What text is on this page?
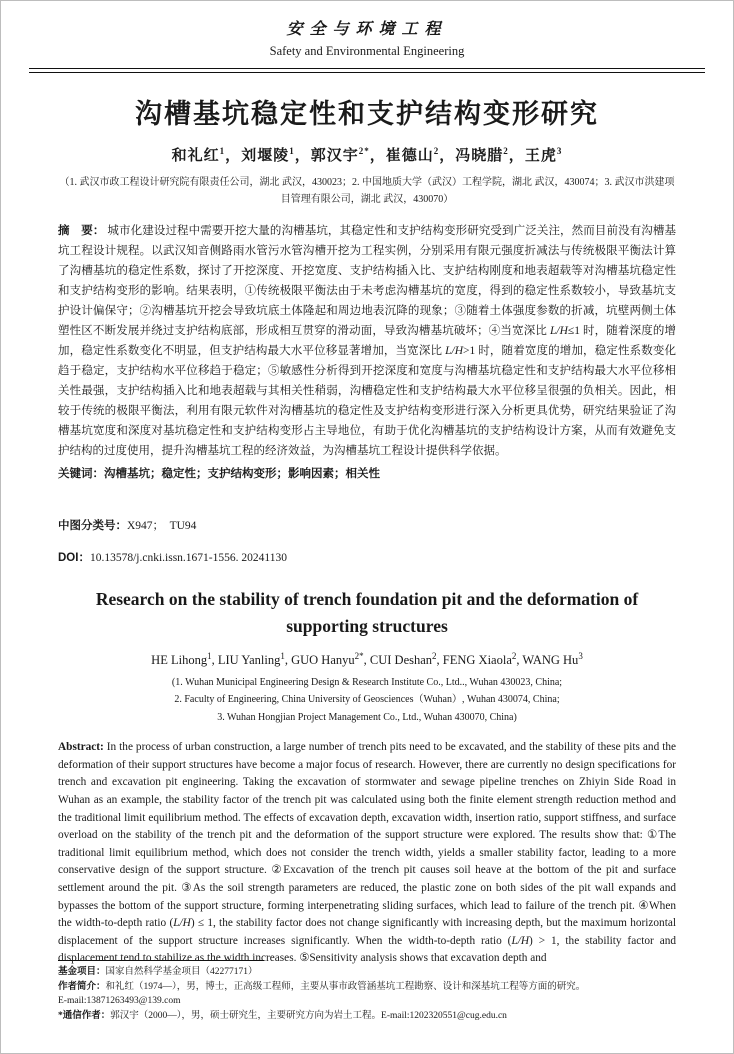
安全与环境工程
Safety and Environmental Engineering
沟槽基坑稳定性和支护结构变形研究
和礼红$^1$，刘堰陵$^1$，郭汉宇$^{2*}$，崔德山$^2$，冯晓腊$^2$，王虎$^3$
（1. 武汉市政工程设计研究院有限责任公司，湖北 武汉，430023；2. 中国地质大学（武汉）工程学院，湖北 武汉，430074；3. 武汉市洪建项目管理有限公司，湖北 武汉，430070）
摘　要： 城市化建设过程中需要开挖大量的沟槽基坑，其稳定性和支护结构变形研究受到广泛关注，然而目前没有沟槽基坑工程设计规程。以武汉知音侧路雨水管污水管沟槽开挖为工程实例，分别采用有限元强度折减法与传统极限平衡法计算了沟槽基坑的稳定性系数，探讨了开挖深度、开挖宽度、支护结构插入比、支护结构刚度和地表超载等对沟槽基坑稳定性和支护结构变形的影响。结果表明，①传统极限平衡法由于未考虑沟槽基坑的宽度，得到的稳定性系数较小，导致基坑支护设计偏保守；②沟槽基坑开挖会导致坑底土体隆起和周边地表沉降的现象；③随着土体强度参数的折减，坑壁两侧土体塑性区不断发展并绕过支护结构底部，形成相互贯穿的滑动面，导致沟槽基坑破坏；④当宽深比 L/H≤1 时，随着深度的增加，稳定性系数变化不明显，但支护结构最大水平位移显著增加，当宽深比 L/H>1 时，随着宽度的增加，稳定性系数变化趋于稳定，支护结构水平位移趋于稳定；⑤敏感性分析得到开挖深度和宽度与沟槽基坑稳定性和支护结构最大水平位移相关性最强，支护结构插入比和地表超载与其相关性稍弱，沟槽稳定性和支护结构最大水平位移呈很强的负相关。因此，相较于传统的极限平衡法，利用有限元软件对沟槽基坑的稳定性及支护结构变形进行深入分析更具优势，研究结果验证了沟槽基坑宽度和深度对基坑稳定性和支护结构变形占主导地位，有助于优化沟槽基坑的支护结构设计方案，从而有效避免支护结构的过度使用，提升沟槽基坑工程的经济效益，为沟槽基坑工程设计提供科学依据。
关键词：沟槽基坑；稳定性；支护结构变形；影响因素；相关性
中图分类号：X947；  TU94
DOI：10.13578/j.cnki.issn.1671-1556. 20241130
Research on the stability of trench foundation pit and the deformation of supporting structures
HE Lihong$^1$, LIU Yanling$^1$, GUO Hanyu$^{2*}$, CUI Deshan$^2$, FENG Xiaola$^2$, WANG Hu$^3$
(1. Wuhan Municipal Engineering Design & Research Institute Co., Ltd.., Wuhan 430023, China;
2. Faculty of Engineering, China University of Geosciences（Wuhan）, Wuhan 430074, China;
3. Wuhan Hongjian Project Management Co., Ltd., Wuhan 430070, China)
Abstract: In the process of urban construction, a large number of trench pits need to be excavated, and the stability of these pits and the deformation of their support structures have become a major focus of research. However, there are currently no design specifications for trench and excavation pit engineering. Taking the excavation of stormwater and sewage pipeline trenches on Zhiyin Side Road in Wuhan as an example, the stability factor of the trench pit was calculated using both the finite element strength reduction method and the traditional limit equilibrium method. The effects of excavation depth, excavation width, insertion ratio, support stiffness, and surface overload on the stability of the trench pit and the deformation of the support structure were explored. The results show that: ①The traditional limit equilibrium method, which does not consider the trench width, yields a smaller stability factor, leading to a more conservative design of the support structure. ②Excavation of the trench pit causes soil heave at the bottom of the pit and surface settlement around the pit. ③As the soil strength parameters are reduced, the plastic zone on both sides of the pit wall expands and bypasses the bottom of the support structure, forming interpenetrating sliding surfaces, which lead to failure of the trench pit. ④When the width-to-depth ratio (L/H) ≤ 1, the stability factor does not change significantly with increasing depth, but the maximum horizontal displacement of the support structure increases significantly. When the width-to-depth ratio (L/H) > 1, the stability factor and displacement tend to stabilize as the width increases. ⑤Sensitivity analysis shows that excavation depth and
基金项目：国家自然科学基金项目（42277171）
作者简介：和礼红（1974—），男，博士，正高级工程师，主要从事市政管涵基坑工程勘察、设计和深基坑工程等方面的研究。
E-mail:13871263493@139.com
*通信作者：郭汉宇（2000—），男，硕士研究生，主要研究方向为岩土工程。E-mail:1202320551@cug.edu.cn
